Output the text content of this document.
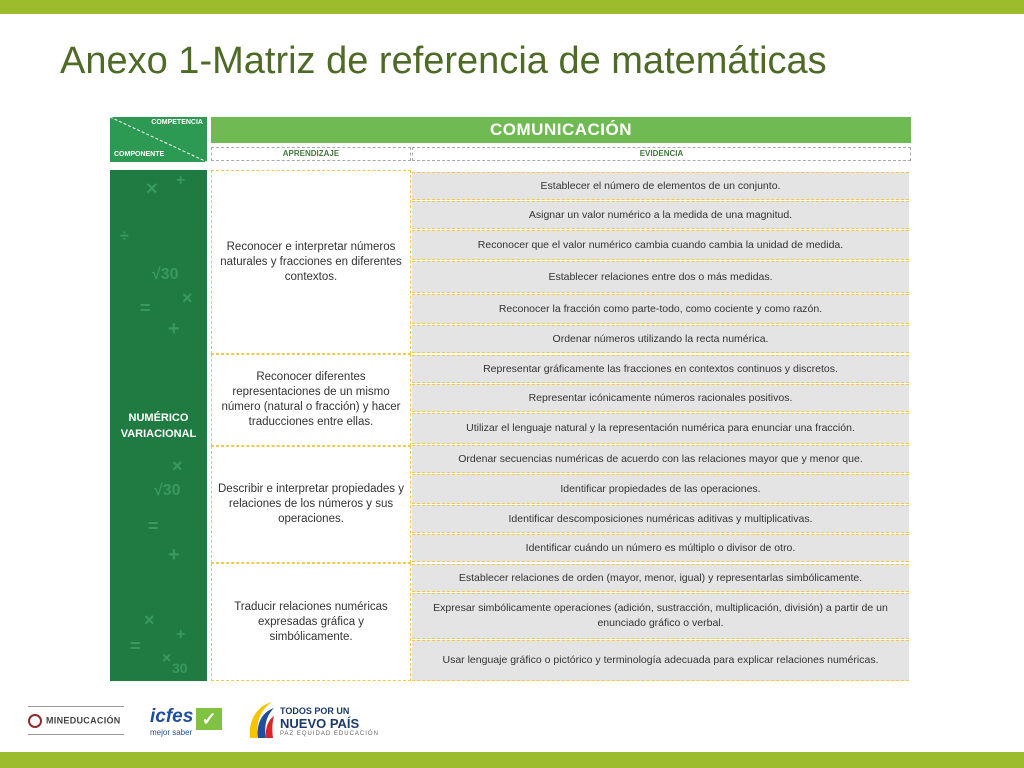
Anexo 1-Matriz de referencia de matemáticas
COMPETENCIA
COMPONENTE
COMUNICACIÓN
APRENDIZAJE	EVIDENCIA
× +
√30
= ×
÷
+
×
√30
=
+
×
=
+
×
30
NUMÉRICO
VARIACIONAL
Reconocer e interpretar números naturales y fracciones en diferentes contextos.
Reconocer diferentes representaciones de un mismo número (natural o fracción) y hacer traducciones entre ellas.
Describir e interpretar propiedades y relaciones de los números y sus operaciones.
Traducir relaciones numéricas expresadas gráfica y simbólicamente.
Establecer el número de elementos de un conjunto.
Asignar un valor numérico a la medida de una magnitud.
Reconocer que el valor numérico cambia cuando cambia la unidad de medida.
Establecer relaciones entre dos o más medidas.
Reconocer la fracción como parte-todo, como cociente y como razón.
Ordenar números utilizando la recta numérica.
Representar gráficamente las fracciones en contextos continuos y discretos.
Representar icónicamente números racionales positivos.
Utilizar el lenguaje natural y la representación numérica para enunciar una fracción.
Ordenar secuencias numéricas de acuerdo con las relaciones mayor que y menor que.
Identificar propiedades de las operaciones.
Identificar descomposiciones numéricas aditivas y multiplicativas.
Identificar cuándo un número es múltiplo o divisor de otro.
Establecer relaciones de orden (mayor, menor, igual) y representarlas simbólicamente.
Expresar simbólicamente operaciones (adición, sustracción, multiplicación, división) a partir de un enunciado gráfico o verbal.
Usar lenguaje gráfico o pictórico y terminología adecuada para explicar relaciones numéricas.
MINEDUCACIÓN icfes ✓
mejor saber
TODOS POR UN
NUEVO PAÍS
PAZ EQUIDAD EDUCACIÓN
